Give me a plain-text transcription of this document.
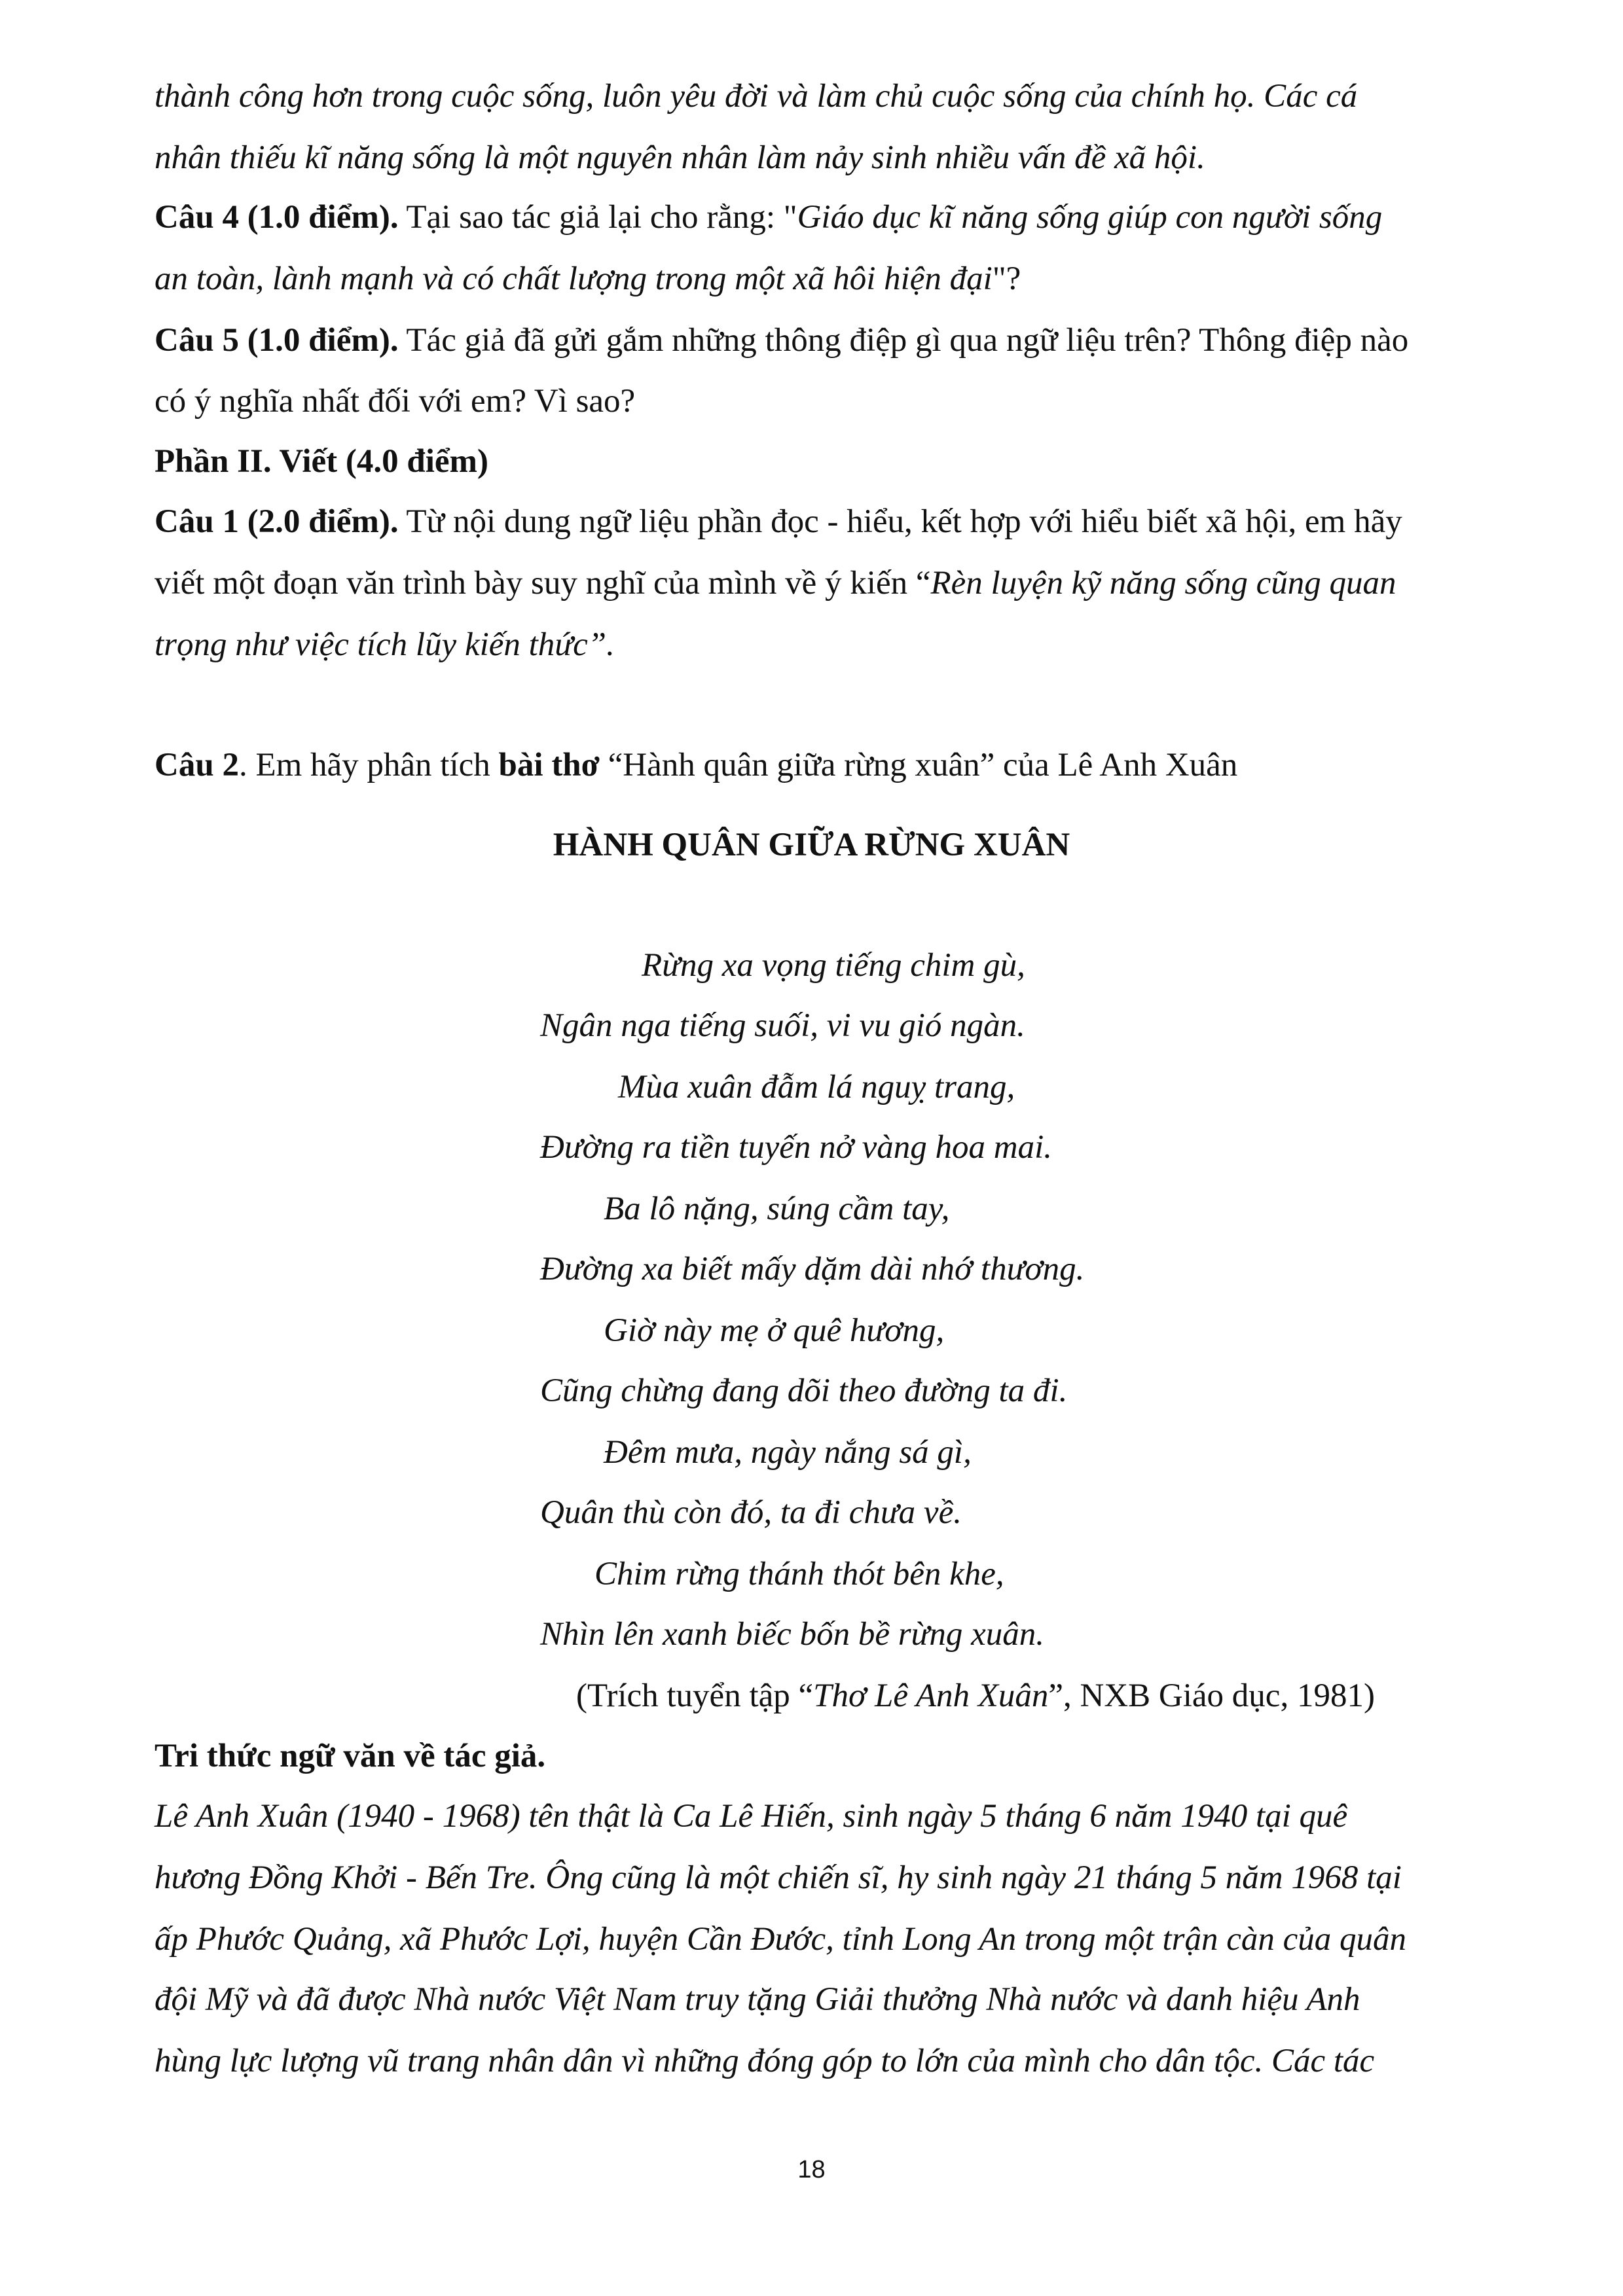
thành công hơn trong cuộc sống, luôn yêu đời và làm chủ cuộc sống của chính họ. Các cá
nhân thiếu kĩ năng sống là một nguyên nhân làm nảy sinh nhiều vấn đề xã hội.
Câu 4 (1.0 điểm). Tại sao tác giả lại cho rằng: "Giáo dục kĩ năng sống giúp con người sống
an toàn, lành mạnh và có chất lượng trong một xã hôi hiện đại"?
Câu 5 (1.0 điểm). Tác giả đã gửi gắm những thông điệp gì qua ngữ liệu trên? Thông điệp nào
có ý nghĩa nhất đối với em? Vì sao?
Phần II. Viết (4.0 điểm)
Câu 1 (2.0 điểm). Từ nội dung ngữ liệu phần đọc - hiểu, kết hợp với hiểu biết xã hội, em hãy
viết một đoạn văn trình bày suy nghĩ của mình về ý kiến “Rèn luyện kỹ năng sống cũng quan
trọng như việc tích lũy kiến thức”.
Câu 2. Em hãy phân tích bài thơ “Hành quân giữa rừng xuân” của Lê Anh Xuân
HÀNH QUÂN GIỮA RỪNG XUÂN
Rừng xa vọng tiếng chim gù,
Ngân nga tiếng suối, vi vu gió ngàn.
Mùa xuân đẫm lá nguỵ trang,
Đường ra tiền tuyến nở vàng hoa mai.
Ba lô nặng, súng cầm tay,
Đường xa biết mấy dặm dài nhớ thương.
Giờ này mẹ ở quê hương,
Cũng chừng đang dõi theo đường ta đi.
Đêm mưa, ngày nắng sá gì,
Quân thù còn đó, ta đi chưa về.
Chim rừng thánh thót bên khe,
Nhìn lên xanh biếc bốn bề rừng xuân.
(Trích tuyển tập “Thơ Lê Anh Xuân”, NXB Giáo dục, 1981)
Tri thức ngữ văn về tác giả.
Lê Anh Xuân (1940 - 1968) tên thật là Ca Lê Hiến, sinh ngày 5 tháng 6 năm 1940 tại quê
hương Đồng Khởi - Bến Tre. Ông cũng là một chiến sĩ, hy sinh ngày 21 tháng 5 năm 1968 tại
ấp Phước Quảng, xã Phước Lợi, huyện Cần Đước, tỉnh Long An trong một trận càn của quân
đội Mỹ và đã được Nhà nước Việt Nam truy tặng Giải thưởng Nhà nước và danh hiệu Anh
hùng lực lượng vũ trang nhân dân vì những đóng góp to lớn của mình cho dân tộc. Các tác
18
